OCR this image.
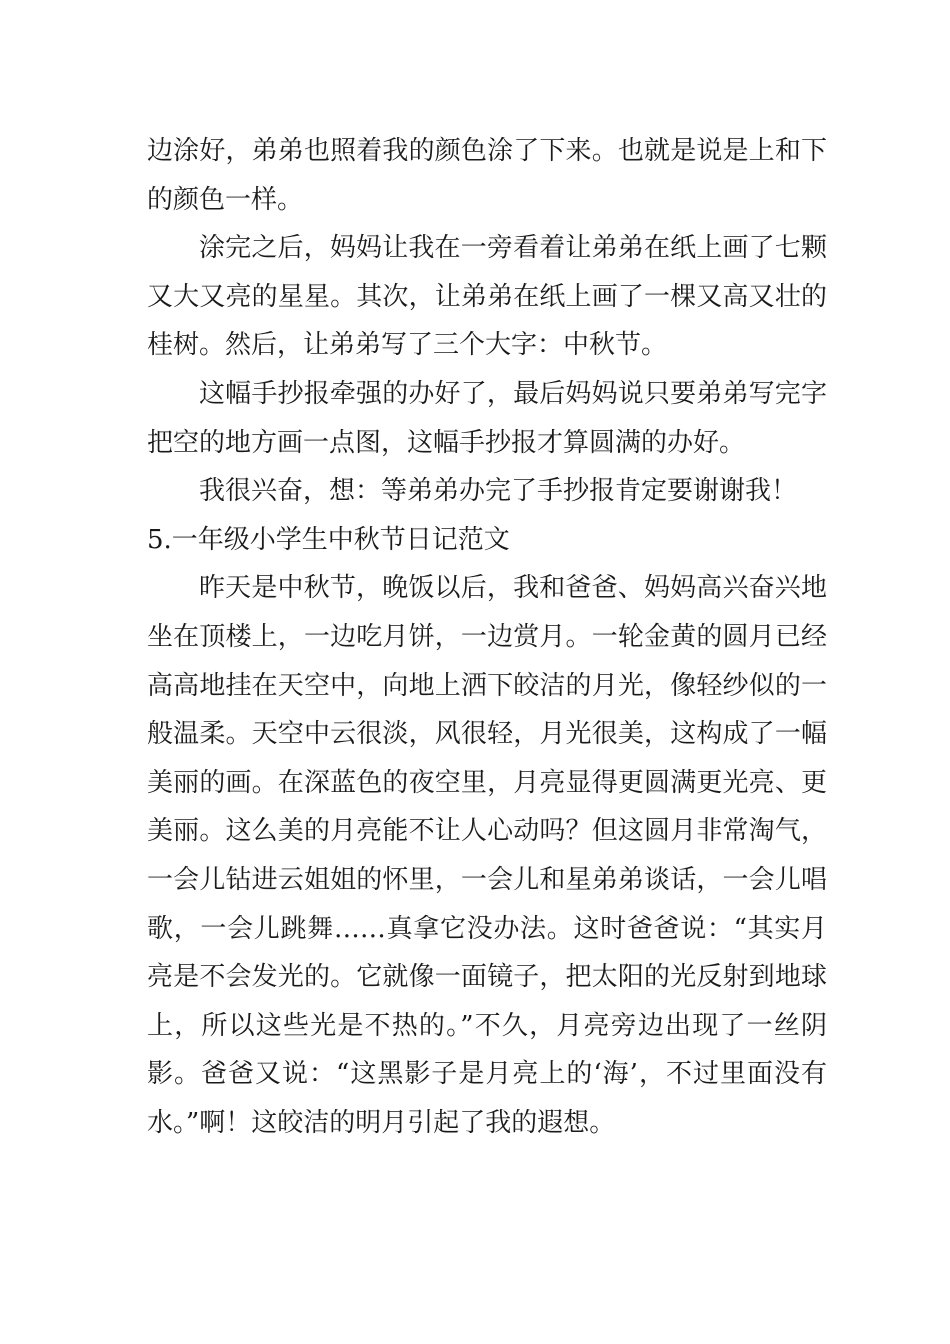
边涂好，弟弟也照着我的颜色涂了下来。也就是说是上和下的颜色一样。

涂完之后，妈妈让我在一旁看着让弟弟在纸上画了七颗又大又亮的星星。其次，让弟弟在纸上画了一棵又高又壮的桂树。然后，让弟弟写了三个大字：中秋节。

这幅手抄报牵强的办好了，最后妈妈说只要弟弟写完字把空的地方画一点图，这幅手抄报才算圆满的办好。

我很兴奋，想：等弟弟办完了手抄报肯定要谢谢我！

5.一年级小学生中秋节日记范文

昨天是中秋节，晚饭以后，我和爸爸、妈妈高兴奋兴地坐在顶楼上，一边吃月饼，一边赏月。一轮金黄的圆月已经高高地挂在天空中，向地上洒下皎洁的月光，像轻纱似的一般温柔。天空中云很淡，风很轻，月光很美，这构成了一幅美丽的画。在深蓝色的夜空里，月亮显得更圆满更光亮、更美丽。这么美的月亮能不让人心动吗？但这圆月非常淘气，一会儿钻进云姐姐的怀里，一会儿和星弟弟谈话，一会儿唱歌，一会儿跳舞……真拿它没办法。这时爸爸说：“其实月亮是不会发光的。它就像一面镜子，把太阳的光反射到地球上，所以这些光是不热的。”不久，月亮旁边出现了一丝阴影。爸爸又说：“这黑影子是月亮上的‘海’，不过里面没有水。”啊！这皎洁的明月引起了我的遐想。
